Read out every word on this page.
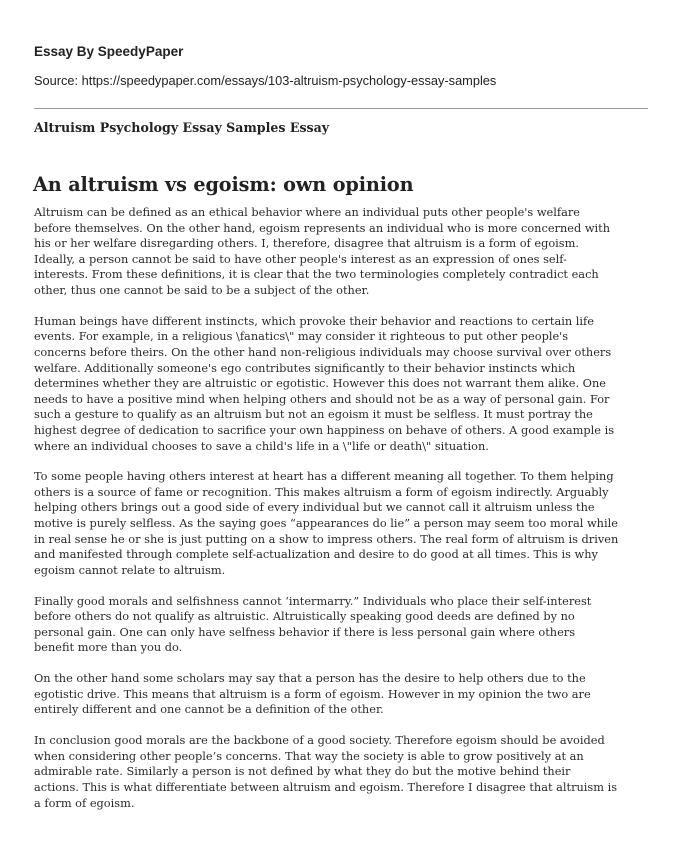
Essay By SpeedyPaper
Source: https://speedypaper.com/essays/103-altruism-psychology-essay-samples
Altruism Psychology Essay Samples Essay
An altruism vs egoism: own opinion
Altruism can be defined as an ethical behavior where an individual puts other people's welfare
before themselves. On the other hand, egoism represents an individual who is more concerned with
his or her welfare disregarding others. I, therefore, disagree that altruism is a form of egoism.
Ideally, a person cannot be said to have other people's interest as an expression of ones self-
interests. From these definitions, it is clear that the two terminologies completely contradict each
other, thus one cannot be said to be a subject of the other.
Human beings have different instincts, which provoke their behavior and reactions to certain life
events. For example, in a religious \fanatics\" may consider it righteous to put other people's
concerns before theirs. On the other hand non-religious individuals may choose survival over others
welfare. Additionally someone's ego contributes significantly to their behavior instincts which
determines whether they are altruistic or egotistic. However this does not warrant them alike. One
needs to have a positive mind when helping others and should not be as a way of personal gain. For
such a gesture to qualify as an altruism but not an egoism it must be selfless. It must portray the
highest degree of dedication to sacrifice your own happiness on behave of others. A good example is
where an individual chooses to save a child's life in a \"life or death\" situation.
To some people having others interest at heart has a different meaning all together. To them helping
others is a source of fame or recognition. This makes altruism a form of egoism indirectly. Arguably
helping others brings out a good side of every individual but we cannot call it altruism unless the
motive is purely selfless. As the saying goes “appearances do lie” a person may seem too moral while
in real sense he or she is just putting on a show to impress others. The real form of altruism is driven
and manifested through complete self-actualization and desire to do good at all times. This is why
egoism cannot relate to altruism.
Finally good morals and selfishness cannot ‘intermarry.” Individuals who place their self-interest
before others do not qualify as altruistic. Altruistically speaking good deeds are defined by no
personal gain. One can only have selfness behavior if there is less personal gain where others
benefit more than you do.
On the other hand some scholars may say that a person has the desire to help others due to the
egotistic drive. This means that altruism is a form of egoism. However in my opinion the two are
entirely different and one cannot be a definition of the other.
In conclusion good morals are the backbone of a good society. Therefore egoism should be avoided
when considering other people’s concerns. That way the society is able to grow positively at an
admirable rate. Similarly a person is not defined by what they do but the motive behind their
actions. This is what differentiate between altruism and egoism. Therefore I disagree that altruism is
a form of egoism.
